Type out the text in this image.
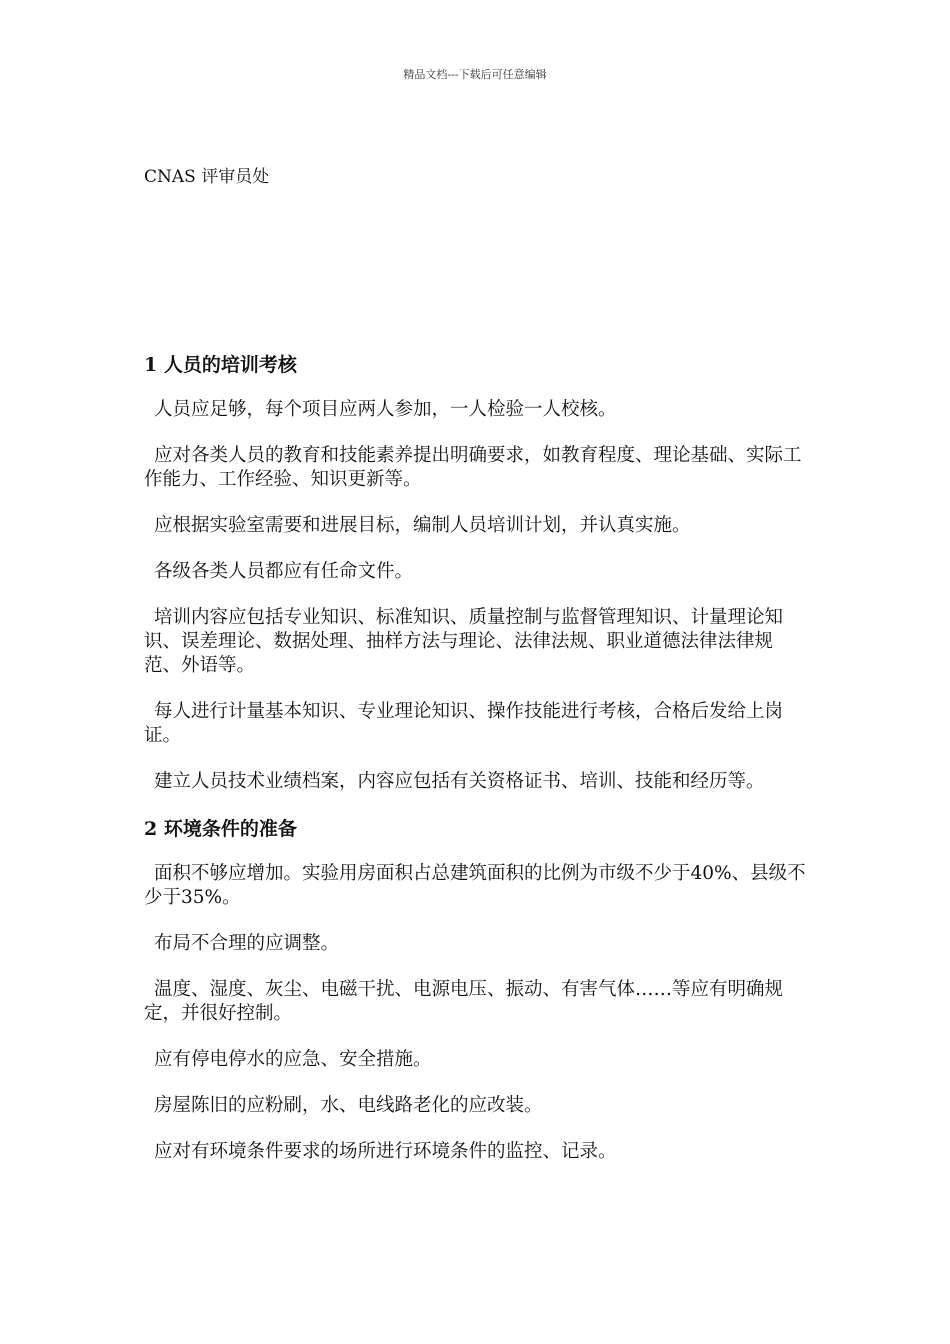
精品文档---下载后可任意编辑
CNAS 评审员处
1 人员的培训考核

人员应足够，每个项目应两人参加，一人检验一人校核。

应对各类人员的教育和技能素养提出明确要求，如教育程度、理论基础、实际工作能力、工作经验、知识更新等。

应根据实验室需要和进展目标，编制人员培训计划，并认真实施。

各级各类人员都应有任命文件。

培训内容应包括专业知识、标准知识、质量控制与监督管理知识、计量理论知识、误差理论、数据处理、抽样方法与理论、法律法规、职业道德法律法律规范、外语等。

每人进行计量基本知识、专业理论知识、操作技能进行考核，合格后发给上岗证。

建立人员技术业绩档案，内容应包括有关资格证书、培训、技能和经历等。

2 环境条件的准备

面积不够应增加。实验用房面积占总建筑面积的比例为市级不少于40%、县级不少于35%。

布局不合理的应调整。

温度、湿度、灰尘、电磁干扰、电源电压、振动、有害气体……等应有明确规定，并很好控制。

应有停电停水的应急、安全措施。

房屋陈旧的应粉刷，水、电线路老化的应改装。

应对有环境条件要求的场所进行环境条件的监控、记录。
